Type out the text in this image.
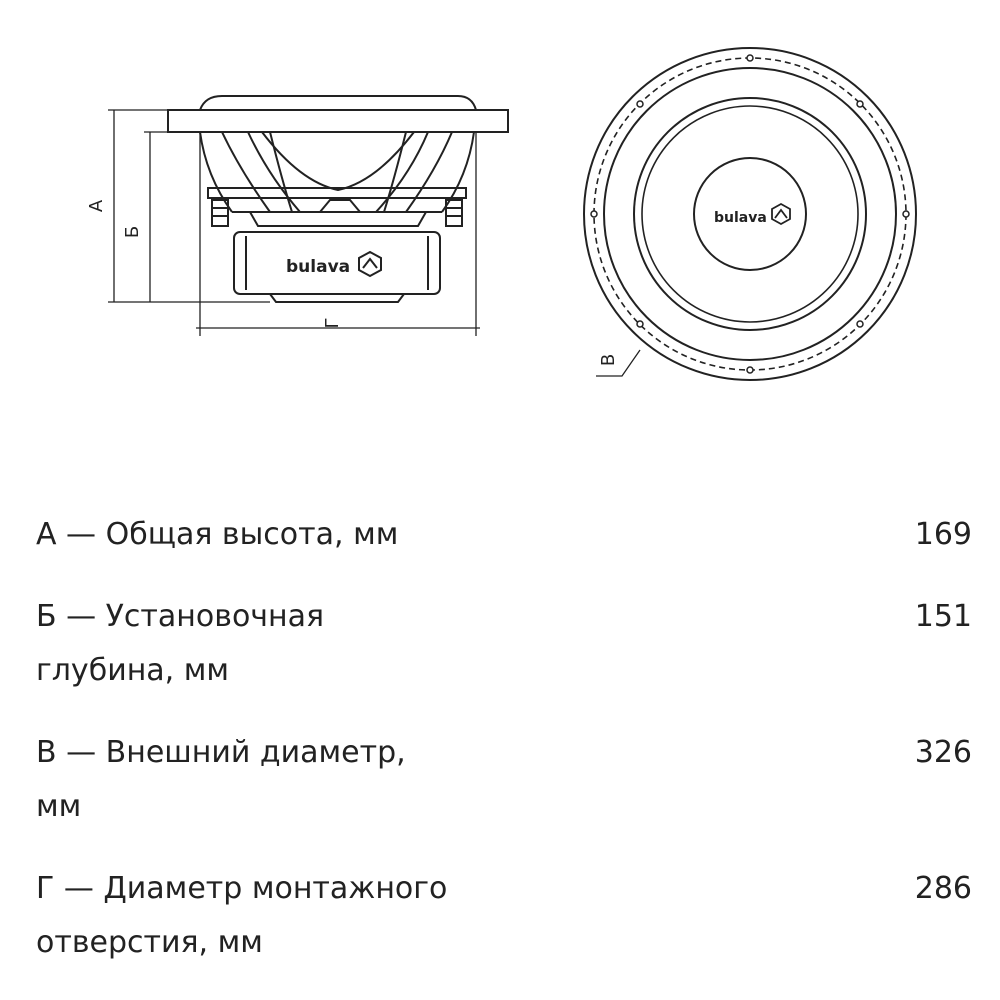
bulava
А
Б
Г
bulava
В
А — Общая высота, мм	169
Б — Установочная глубина, мм
151
В — Внешний диаметр, мм
326
Г — Диаметр монтажного отверстия, мм
286
